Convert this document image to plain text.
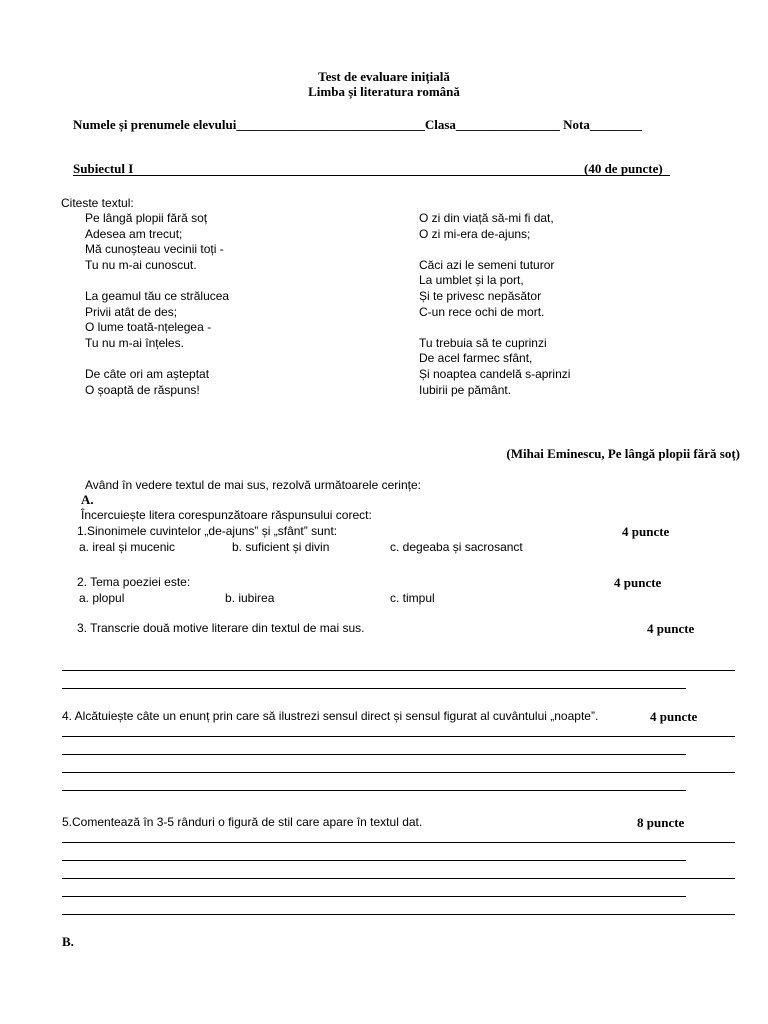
Test de evaluare inițială
Limba și literatura română
Numele și prenumele elevului_____________________________Clasa________________ Nota________
Subiectul I	(40 de puncte)
Citeste textul:
Pe lângă plopii fără soț
Adesea am trecut;
Mă cunoșteau vecinii toți -
Tu nu m-ai cunoscut.
La geamul tău ce strălucea
Privii atât de des;
O lume toată-nțelegea -
Tu nu m-ai înțeles.
De câte ori am așteptat
O șoaptă de răspuns!
O zi din viață să-mi fi dat,
O zi mi-era de-ajuns;
Căci azi le semeni tuturor
La umblet și la port,
Și te privesc nepăsător
C-un rece ochi de mort.
Tu trebuia să te cuprinzi
De acel farmec sfânt,
Și noaptea candelă s-aprinzi
Iubirii pe pământ.
(Mihai Eminescu, Pe lângă plopii fără soț)
Având în vedere textul de mai sus, rezolvă următoarele cerințe:
A.
Încercuiește litera corespunzătoare răspunsului corect:
1.Sinonimele cuvintelor „de-ajuns” și „sfânt” sunt:	4 puncte
a. ireal și mucenic	b. suficient și divin	c. degeaba și sacrosanct
2. Tema poeziei este:	4 puncte
a. plopul	b. iubirea	c. timpul
3. Transcrie două motive literare din textul de mai sus.	4 puncte
4. Alcătuiește câte un enunț prin care să ilustrezi sensul direct și sensul figurat al cuvântului „noapte”.	4 puncte
5.Comentează în 3-5 rânduri o figură de stil care apare în textul dat.	8 puncte
B.
